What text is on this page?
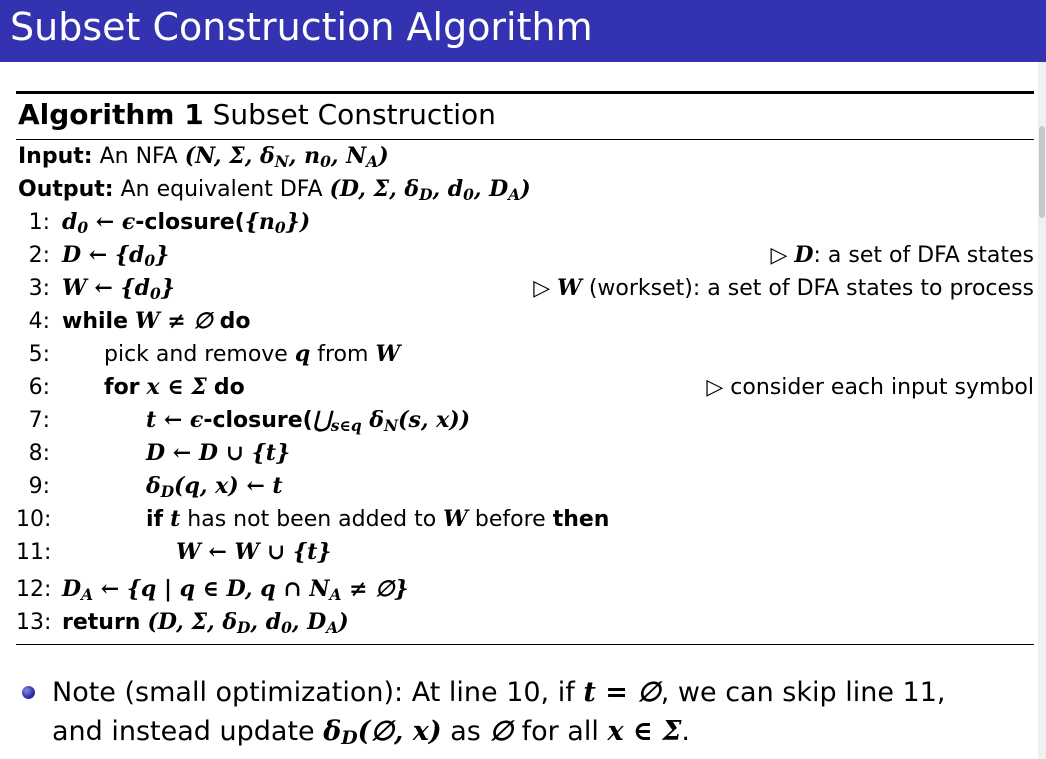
Subset Construction Algorithm
Algorithm 1 Subset Construction
Input: An NFA (N, Σ, $\delta_N$, $n_0$, $N_A$)
Output: An equivalent DFA (D, Σ, $\delta_D$, $d_0$, $D_A$)
1: $d_0$ ← $\epsilon-closure(\{n_0\})$
2: D ← $\{d_0\}$	▷ D: a set of DFA states
3: W ← $\{d_0\}$	▷ W (workset): a set of DFA states to process
4: while W ≠ ∅ do
5: pick and remove q from W
6: for x ∈ Σ do	▷ consider each input symbol
7:	t ← $\epsilon-closure(⋃_{s\in q}$ $\delta_N(s$, x))
8:	D ← D ∪ {t}
9:	$\delta_D(q$, x) ← t
10:	if t has not been added to W before then
11:	W ← W ∪ {t}
12: $D_A$ ← {q | q ∈ D, q ∩ $N_A$ ≠ ∅}
13: return (D, Σ, $\delta_D$, $d_0$, $D_A$)
Note (small optimization): At line 10, if t = ∅, we can skip line 11,
and instead update $\delta_D(\emptyset$, x) as ∅ for all x ∈ Σ.
